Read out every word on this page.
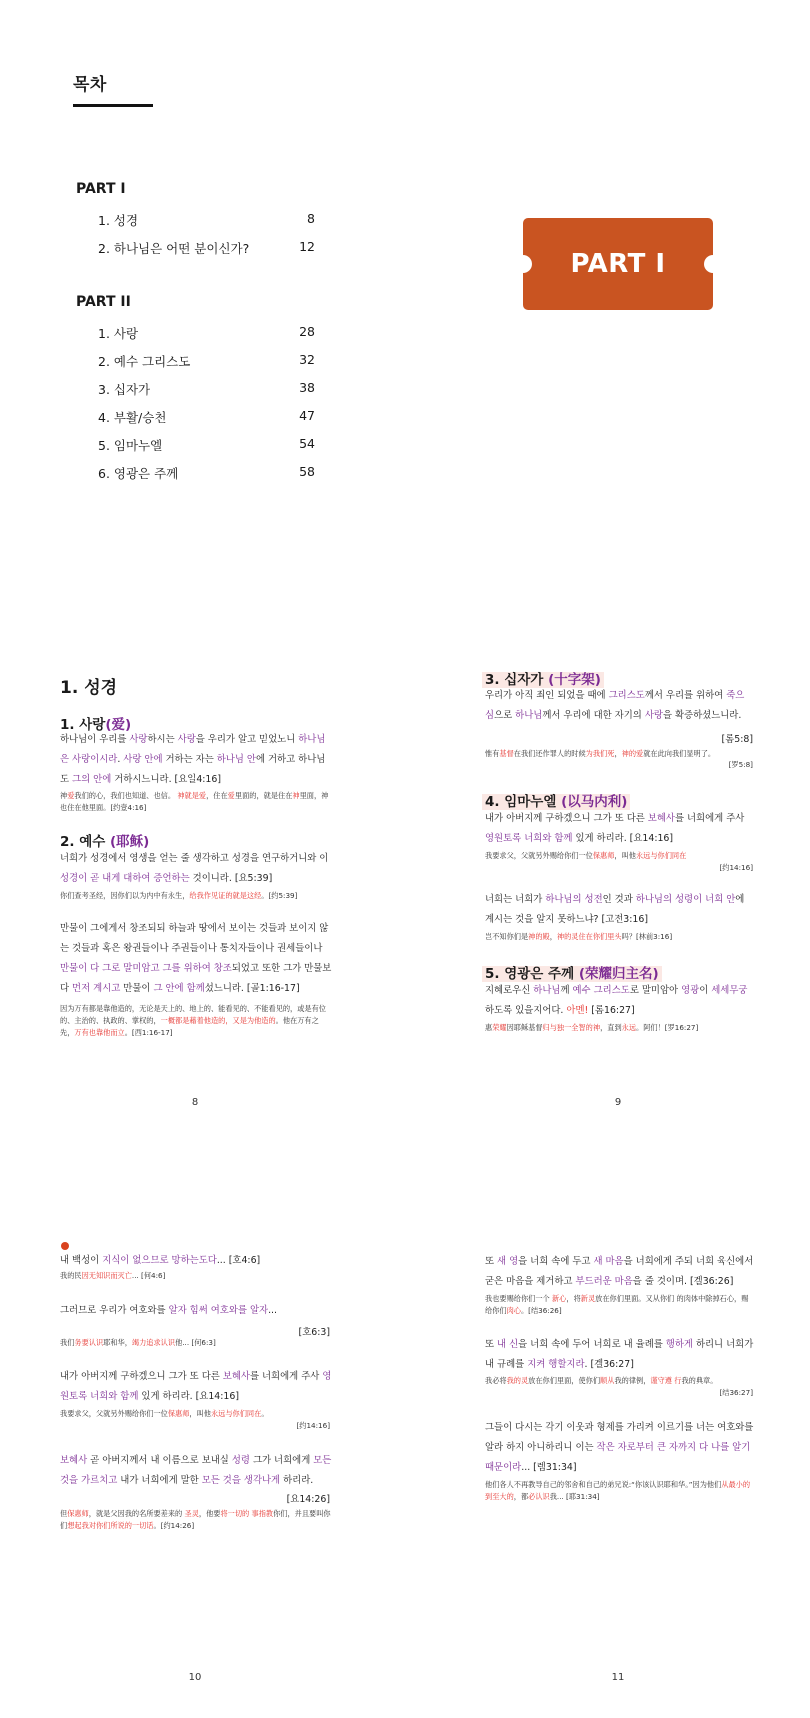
목차
PART I
1. 성경	8
2. 하나님은 어떤 분이신가?	12
PART II
1. 사랑	28
2. 예수 그리스도	32
3. 십자가	38
4. 부활/승천	47
5. 임마누엘	54
6. 영광은 주께	58
PART I
1. 성경
1. 사랑(爱)
하나님이 우리를 사랑하시는 사랑을 우리가 알고 믿었노니 하나님은 사랑이시라. 사랑 안에 거하는 자는 하나님 안에 거하고 하나님도 그의 안에 거하시느니라. [요일4:16]
神爱我们的心，我们也知道、也信。 神就是爱，住在爱里面的，就是住在神里面，神也住在他里面。[约壹4:16]
2. 예수 (耶稣)
너희가 성경에서 영생을 얻는 줄 생각하고 성경을 연구하거니와 이 성경이 곧 내게 대하여 증언하는 것이니라. [요5:39]
你们查考圣经，因你们以为内中有永生，给我作见证的就是这经。[约5:39]
만물이 그에게서 창조되되 하늘과 땅에서 보이는 것들과 보이지 않는 것들과 혹은 왕권들이나 주권들이나 통치자들이나 권세들이나 만물이 다 그로 말미암고 그를 위하여 창조되었고 또한 그가 만물보다 먼저 계시고 만물이 그 안에 함께섰느니라. [골1:16-17]
因为万有都是靠他造的，无论是天上的、地上的、能看见的、不能看见的，或是有位的、主治的、执政的、掌权的，一概都是藉着他造的，又是为他造的。他在万有之先，万有也靠他而立。[西1:16-17]
8
3. 십자가 (十字架)
우리가 아직 죄인 되었을 때에 그리스도께서 우리를 위하여 죽으심으로 하나님께서 우리에 대한 자기의 사랑을 확증하셨느니라.
[롬5:8]
惟有基督在我们还作罪人的时候为我们死，神的爱就在此向我们显明了。
[罗5:8]
4. 임마누엘 (以马内利)
내가 아버지께 구하겠으니 그가 또 다른 보혜사를 너희에게 주사 영원토록 너희와 함께 있게 하리라. [요14:16]
我要求父，父就另外赐给你们一位保惠师，叫他永远与你们同在
[约14:16]
너희는 너희가 하나님의 성전인 것과 하나님의 성령이 너희 안에 계시는 것을 알지 못하느냐? [고전3:16]
岂不知你们是神的殿，神的灵住在你们里头吗？[林前3:16]
5. 영광은 주께 (荣耀归主名)
지혜로우신 하나님께 예수 그리스도로 말미암아 영광이 세세무궁하도록 있을지어다. 아멘! [롬16:27]
惠荣耀因耶稣基督归与独一全智的神，直到永远。阿们！[罗16:27]
9
내 백성이 지식이 없으므로 망하는도다... [호4:6]
我的民因无知识而灭亡... [何4:6]
그러므로 우리가 여호와를 알자 힘써 여호와를 알자...
[호6:3]
我们务要认识耶和华，竭力追求认识他... [何6:3]
내가 아버지께 구하겠으니 그가 또 다른 보혜사를 너희에게 주사 영원토록 너희와 함께 있게 하리라. [요14:16]
我要求父，父就另外赐给你们一位保惠师，叫他永远与你们同在。
[约14:16]
보혜사 곧 아버지께서 내 이름으로 보내실 성령 그가 너희에게 모든 것을 가르치고 내가 너희에게 말한 모든 것을 생각나게 하리라.
[요14:26]
但保惠师，就是父因我的名所要差来的 圣灵，他要将一切的 事指教你们，并且要叫你们想起我对你们所说的一切话。[约14:26]
10
또 새 영을 너희 속에 두고 새 마음을 너희에게 주되 너희 육신에서 굳은 마음을 제거하고 부드러운 마음을 줄 것이며. [겔36:26]
我也要赐给你们一个 新心，将新灵放在你们里面。又从你们 的肉体中除掉石心，赐给你们肉心。[结36:26]
또 내 신을 너희 속에 두어 너희로 내 율례를 행하게 하리니 너희가 내 규례를 지켜 행할지라. [겔36:27]
我必将我的灵放在你们里面，使你们顺从我的律例，谨守遵 行我的典章。
[结36:27]
그들이 다시는 각기 이웃과 형제를 가리켜 이르기를 너는 여호와를 알라 하지 아니하리니 이는 작은 자로부터 큰 자까지 다 나를 알기 때문이라... [렘31:34]
他们各人不再教导自己的邻舍和自己的弟兄说:“你该认识耶和华。”因为他们从最小的到至大的，都必认识我... [耶31:34]
11
